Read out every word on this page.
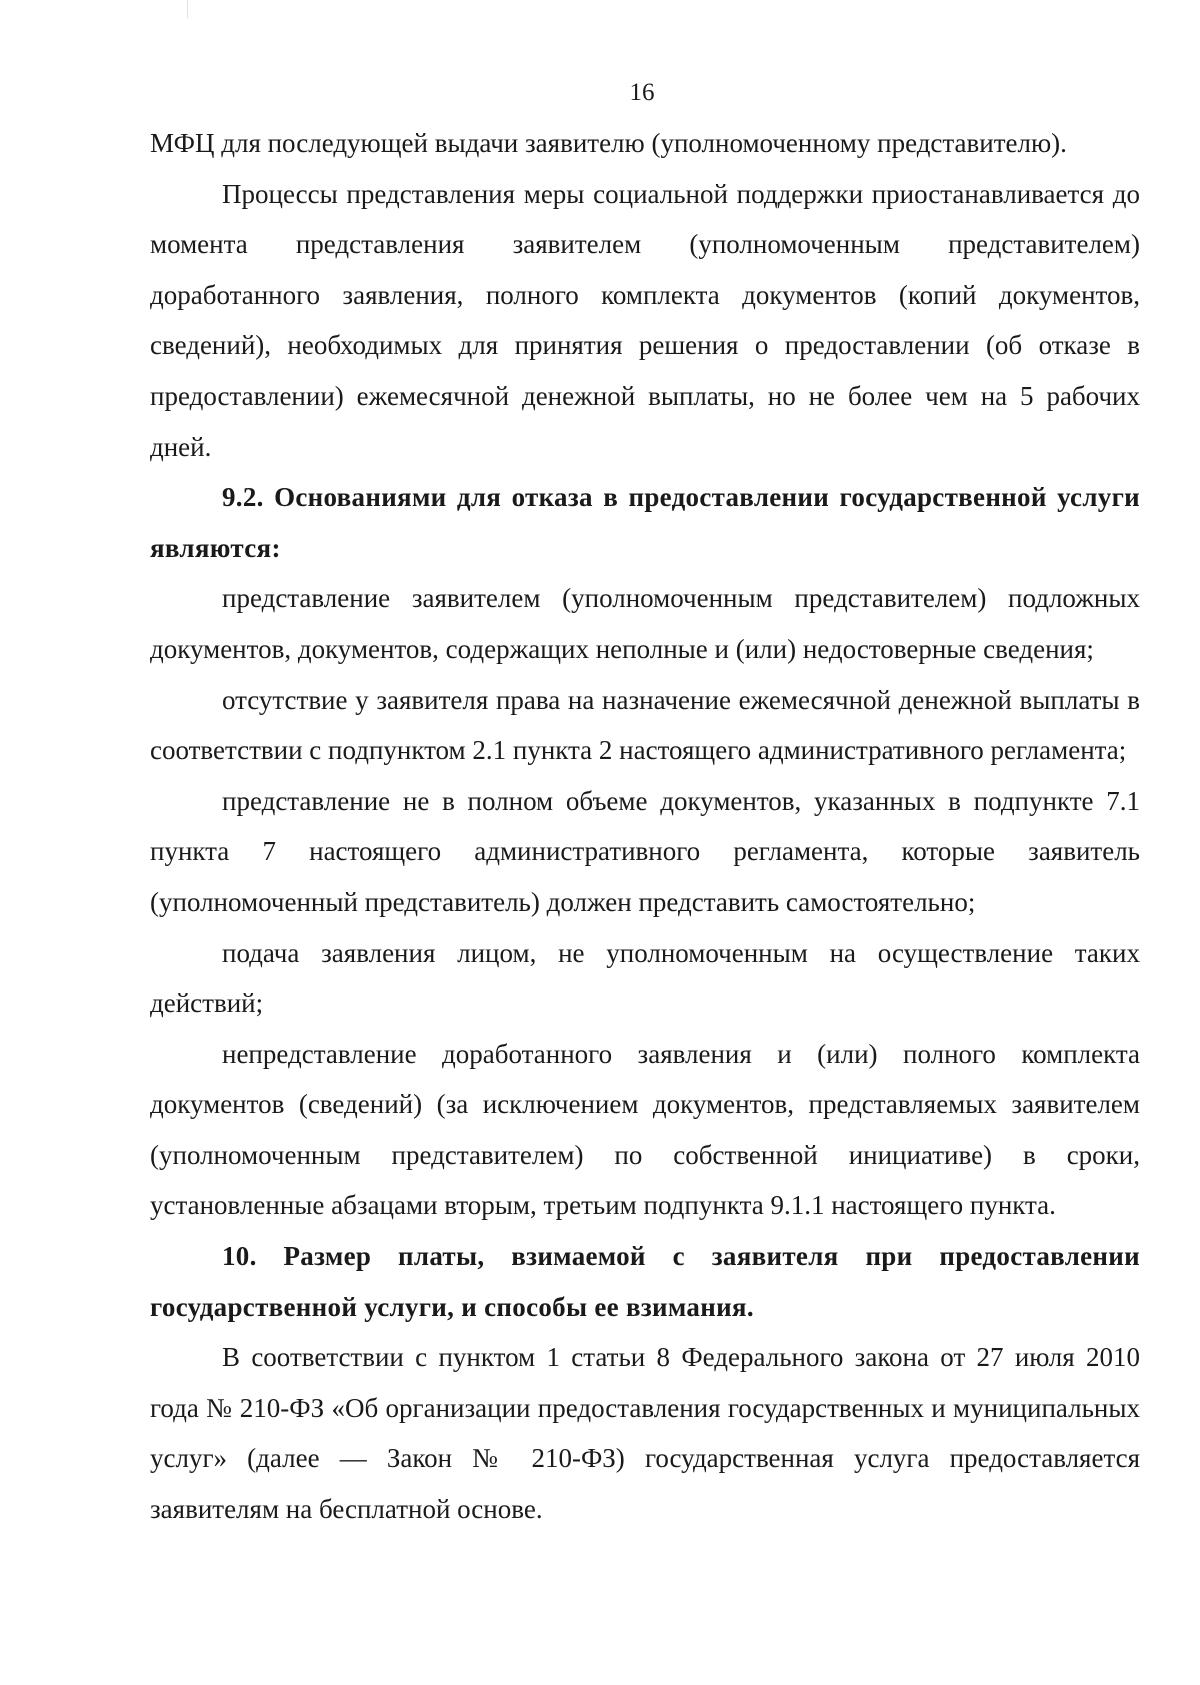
16

МФЦ для последующей выдачи заявителю (уполномоченному представителю).

Процессы представления меры социальной поддержки приостанавливается до момента представления заявителем (уполномоченным представителем) доработанного заявления, полного комплекта документов (копий документов, сведений), необходимых для принятия решения о предоставлении (об отказе в предоставлении) ежемесячной денежной выплаты, но не более чем на 5 рабочих дней.

9.2. Основаниями для отказа в предоставлении государственной услуги являются:

представление заявителем (уполномоченным представителем) подложных документов, документов, содержащих неполные и (или) недостоверные сведения;

отсутствие у заявителя права на назначение ежемесячной денежной выплаты в соответствии с подпунктом 2.1 пункта 2 настоящего административного регламента;

представление не в полном объеме документов, указанных в подпункте 7.1 пункта 7 настоящего административного регламента, которые заявитель (уполномоченный представитель) должен представить самостоятельно;

подача заявления лицом, не уполномоченным на осуществление таких действий;

непредставление доработанного заявления и (или) полного комплекта документов (сведений) (за исключением документов, представляемых заявителем (уполномоченным представителем) по собственной инициативе) в сроки, установленные абзацами вторым, третьим подпункта 9.1.1 настоящего пункта.

10. Размер платы, взимаемой с заявителя при предоставлении государственной услуги, и способы ее взимания.

В соответствии с пунктом 1 статьи 8 Федерального закона от 27 июля 2010 года № 210-ФЗ «Об организации предоставления государственных и муниципальных услуг» (далее — Закон № 210-ФЗ) государственная услуга предоставляется заявителям на бесплатной основе.
